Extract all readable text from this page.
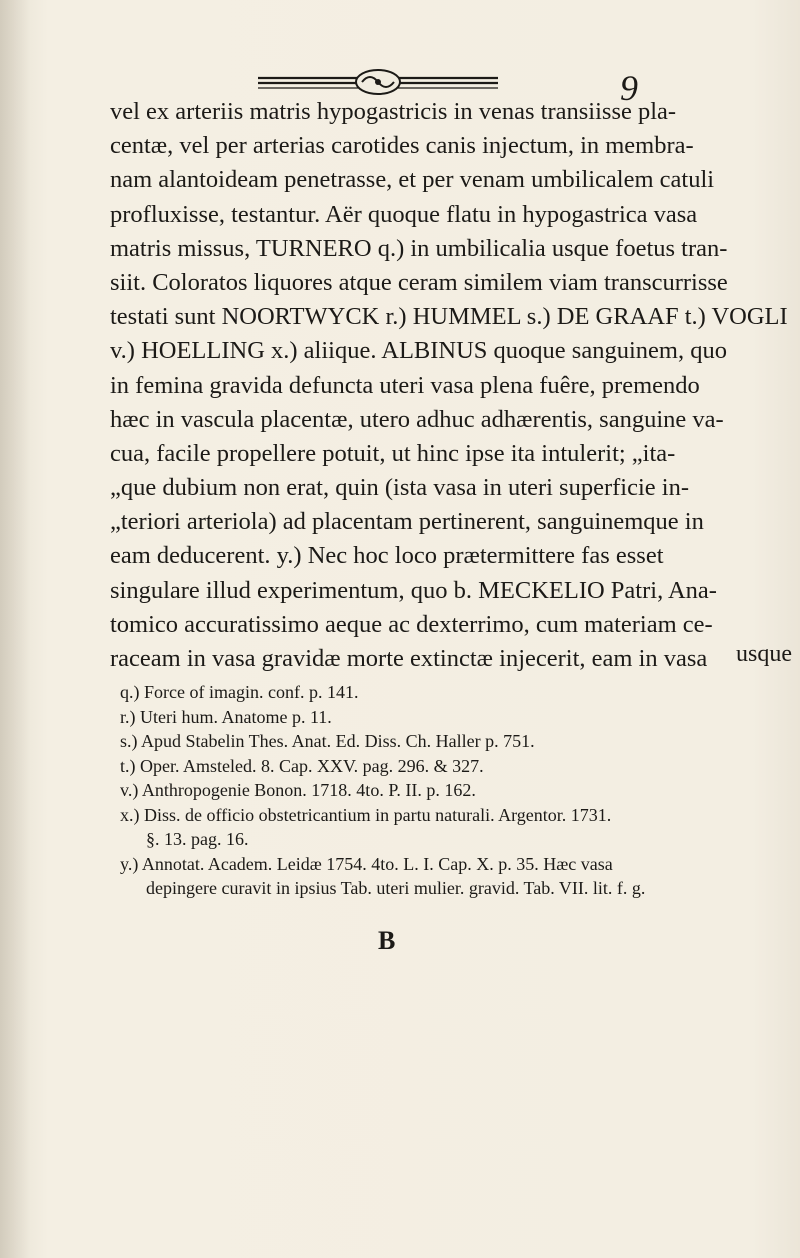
9
vel ex arteriis matris hypogastricis in venas transiisse pla-
centæ, vel per arterias carotides canis injectum, in membra-
nam alantoideam penetrasse, et per venam umbilicalem catuli
profluxisse, testantur. Aër quoque flatu in hypogastrica vasa
matris missus, TURNERO q.) in umbilicalia usque foetus tran-
siit. Coloratos liquores atque ceram similem viam transcurrisse
testati sunt NOORTWYCK r.) HUMMEL s.) DE GRAAF t.) VOGLI
v.) HOELLING x.) aliique. ALBINUS quoque sanguinem, quo
in femina gravida defuncta uteri vasa plena fuêre, premendo
hæc in vascula placentæ, utero adhuc adhærentis, sanguine va-
cua, facile propellere potuit, ut hinc ipse ita intulerit; „ita-
„que dubium non erat, quin (ista vasa in uteri superficie in-
„teriori arteriola) ad placentam pertinerent, sanguinemque in
eam deducerent. y.) Nec hoc loco prætermittere fas esset
singulare illud experimentum, quo b. MECKELIO Patri, Ana-
tomico accuratissimo aeque ac dexterrimo, cum materiam ce-
raceam in vasa gravidæ morte extinctæ injecerit, eam in vasa	usque
q.) Force of imagin. conf. p. 141.
r.) Uteri hum. Anatome p. 11.
s.) Apud Stabelin Thes. Anat. Ed. Diss. Ch. Haller p. 751.
t.) Oper. Amsteled. 8. Cap. XXV. pag. 296. & 327.
v.) Anthropogenie Bonon. 1718. 4to. P. II. p. 162.
x.) Diss. de officio obstetricantium in partu naturali. Argentor. 1731.
§. 13. pag. 16.
y.) Annotat. Academ. Leidæ 1754. 4to. L. I. Cap. X. p. 35. Hæc vasa
depingere curavit in ipsius Tab. uteri mulier. gravid. Tab. VII. lit. f. g.
B
